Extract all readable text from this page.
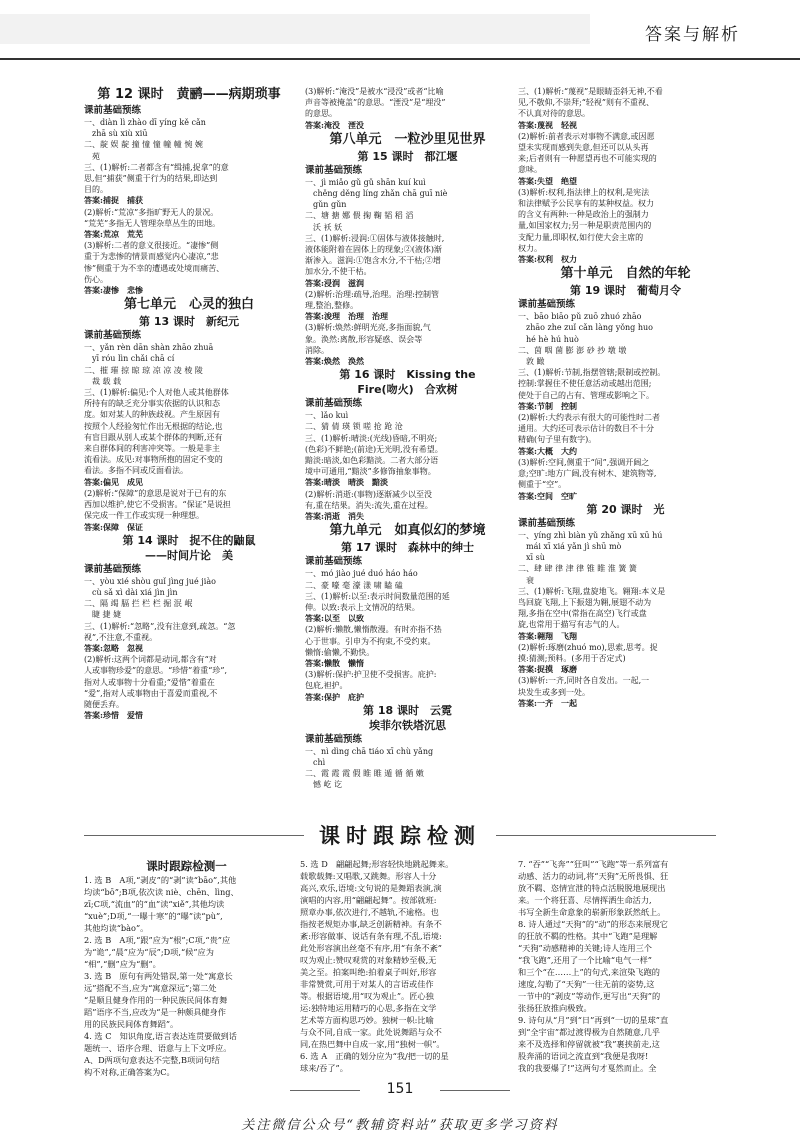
答案与解析
第 12 课时　黄鹂——病期琐事
课前基础预练
一、diàn lì zhào dī yíng kě cǎn
　zhā sù xiù xiū
二、靛 娱 靛 撞 憧 憧 幢 幢 惋 婉
　苑
三、(1)解析:二者都含有“缉捕,捉拿”的意
思,但“捕获”侧重于行为的结果,即达到
目的。
答案:捕捉　捕获
(2)解析:“荒凉”多指旷野无人的景况。
“荒芜”多指无人管理杂草丛生的田地。
答案:荒凉　荒芜
(3)解析:二者的意义很接近。“凄惨”侧
重于为悲惨的情景而感觉内心凄凉,“悲
惨”侧重于为不幸的遭遇或处境而痛苦、
伤心。
答案:凄惨　悲惨
第七单元　心灵的独白
第 13 课时　新纪元
课前基础预练
一、yǎn rèn dān shàn zhāo zhuā
　yī róu lìn chǎi chā cí
二、摧 璀 掠 晾 琼 凉 凉 凌 棱 陵
　裁 载 载
三、(1)解析:偏见:个人对他人或其他群体
所持有的缺乏充分事实依据的认识和态
度。如对某人的种族歧视。产生原因有
按照个人经验匆忙作出无根据的结论,也
有盲目跟从别人或某个群体的判断,还有
来自群体间的利害冲突等。一般是非主
流看法。成见:对事物所抱的固定不变的
看法。多指不同或反面看法。
答案:偏见　成见
(2)解析:“保障”的意思是说对于已有的东
西加以维护,使它不受损害。“保证”是说担
保完成一件工作或实现一种理想。
答案:保障　保证
第 14 课时　捉不住的鼬鼠
——时间片论　美
课前基础预练
一、yòu xié shòu guǐ jìng jué jiào
　cù sǎ xì dài xiá jìn jìn
二、隔 竭 腷 拦 栏 栏 掘 泯 岷
　睫 捷 婕
三、(1)解析:“忽略”,没有注意到,疏忽。“忽
视”,不注意,不重视。
答案:忽略　忽视
(2)解析:这两个词都是动词,都含有“对
人或事物珍爱”的意思。“珍惜”着重“珍”,
指对人或事物十分看重;“爱惜”着重在
“爱”,指对人或事物由于喜爱而重视,不
随便丢弃。
答案:珍惜　爱惜
(3)解析:“淹没”是被水“浸没”或者“比喻
声音等被掩盖”的意思。“湮没”是“埋没”
的意思。
答案:淹没　湮没
第八单元　一粒沙里见世界
第 15 课时　都江堰
课前基础预练
一、jì miǎo gǔ gǔ shān kuí kuì
　chěng děng líng zhǎn chā guī niè
　gǔn gǔn
二、塘 搪 娜 偎 掬 鞠 韬 稻 滔
　沃 袄 妖
三、(1)解析:浸润:①固体与液体接触时,
液体能附着在固体上的现象;②(液体)渐
渐渗入。滋润:①饱含水分,不干枯;②增
加水分,不使干枯。
答案:浸润　滋润
(2)解析:治理:疏导,治理。治理:控制管
理,整治,整修。
答案:浚理　治理　治理
(3)解析:焕然:鲜明光亮,多指面貌,气
象。涣然:离散,形容疑惑、误会等
消除。
答案:焕然　涣然
第 16 课时　Kissing the
Fire(吻火)　合欢树
课前基础预练
一、lǎo kuì
二、猜 倩 瑛 锁 嗟 抢 跄 沧
三、(1)解析:晴淡:(光线)昏暗,不明亮;
(色彩)不鲜艳;(前途)无光明,没有希望。
黯淡:暗淡,如色彩黯淡。二者大部分语
境中可通用,“黯淡”多修饰抽象事物。
答案:晴淡　晴淡　黯淡
(2)解析:消逝:(事物)逐渐减少以至没
有,重在结果。消失:流失,重在过程。
答案:消逝　消失
第九单元　如真似幻的梦境
第 17 课时　森林中的绅士
课前基础预练
一、mó jiào jué duó háo háo
二、豪 嚎 毫 濠 漾 啸 瞌 磕
三、(1)解析:以至:表示时间数量范围的延
伸。以致:表示上文情况的结果。
答案:以至　以致
(2)解析:懒散,懒惰散漫。有时亦指不热
心于世事。引申为不拘束,不受约束。
懒惰:偷懒,不勤快。
答案:懒散　懒惰
(3)解析:保护:护卫使不受损害。庇护:
包庇,袒护。
答案:保护　庇护
第 18 课时　云霓
埃菲尔铁塔沉思
课前基础预练
一、nì dìng chā tiáo xī chù yǎng
　chì
二、霞 霞 霞 假 睢 睢 遁 循 循 嫩
　憾 屹 讫
三、(1)解析:“蔑视”是眼睛歪斜无神,不看
见,不敬仰,不崇拜;“轻视”则有不重视、
不认真对待的意思。
答案:蔑视　轻视
(2)解析:前者表示对事物不满意,或因愿
望未实现而感到失意,但还可以从头再
来;后者则有一种愿望再也不可能实现的
意味。
答案:失望　绝望
(3)解析:权利,指法律上的权利,是宪法
和法律赋予公民享有的某种权益。权力
的含义有两种:一种是政治上的强制力
量,如国家权力;另一种是职责范围内的
支配力量,即职权,如行使大会主席的
权力。
答案:权利　权力
第十单元　自然的年轮
第 19 课时　葡萄月令
课前基础预练
一、bāo biāo pǔ zuō zhuó zhāo
　zhāo zhe zuǐ cǎn làng yǒng huo
　hé hè hú huò
二、茵 咽 菌 膨 澎 砂 抄 墩 墩
　敦 瞰
三、(1)解析:节制,指摆管辖;限制或控制。
控制:掌握住不使任意活动或越出范围;
使处于自己的占有、管理或影响之下。
答案:节制　控制
(2)解析:大约表示有很大的可能性时二者
通用。大约还可表示估计的数目不十分
精确(句子里有数字)。
答案:大概　大约
(3)解析:空间,侧重于“间”,强调开阔之
意;空旷:地方广阔,没有树木、建筑物等,
侧重于“空”。
答案:空间　空旷
第 20 课时　光
课前基础预练
一、yíng zhì biàn yǔ zhǎng xū xū hú
　mái xī xiá yǎn jì shū mò
　xī sù
二、肆 肆 律 津 律 锥 睢 淮 簧 簧
　衰
三、(1)解析:飞翔,盘旋地飞。翱翔:本义是
鸟回旋飞翔,上下振翅为翱,展翅不动为
翔,多指在空中(常指在高空)飞行或盘
旋,也常用于描写有志气的人。
答案:翱翔　飞翔
(2)解析:琢磨(zhuó mo),思索,思考。捉
摸:猜测;预料。(多用于否定式)
答案:捉摸　琢磨
(3)解析:一齐,同时各自发出。一起,一
块发生或多到一处。
答案:一齐　一起
课时跟踪检测
课时跟踪检测一
1. 选 B　A项,“剥皮”的“剥”读“bāo”,其他
均读“bō”;B项,依次读 niè、chēn、lìng、
zī;C项,“流血”的“血”读“xiě”,其他均读
“xuè”;D项,“一曝十寒”的“曝”读“pù”,
其他均读“bào”。
2. 选 B　A项,“跟”应为“根”;C项,“贵”应
为“诡”,“晨”应为“辰”;D项,“候”应为
“相”,“删”应为“删”。
3. 选 B　原句有两处错误,第一处“寓意长
远”搭配不当,应为“寓意深远”;第二处
“是顺且健身作用的一种民族民间体育舞
蹈”语序不当,应改为“是一种颇具健身作
用的民族民间体育舞蹈”。
4. 选 C　知识角度,语言表达连贯要做到话
题统一、语序合理、语意与上下文呼应。
A、D两项句意表达不完整,B项词句结
构不对称,正确答案为C。
5. 选 D　翩翩起舞;形容轻快地跳起舞来。
载歌载舞:又唱歌,又跳舞。形容人十分
高兴,欢乐,语境:文句说的是舞蹈表演,演
演唱的内容,用“翩翩起舞”。按部就班:
照章办事,依次进行,不越轨,不逾格。也
指按老规矩办事,缺乏创新精神。有条不
紊:形容做事、说话有条有理,不乱,语境:
此处形容演出丝毫不有序,用“有条不紊”
叹为观止:赞叹观赏的对象精妙至极,无
美之至。拍案叫绝:拍着桌子叫好,形容
非常赞赏,可用于对某人的言语或佳作
等。根据语境,用“叹为观止”。匠心独
运:独特地运用精巧的心思,多指在文学
艺术等方面构思巧妙。独树一帜:比喻
与众不同,自成一家。此处说舞蹈与众不
同,在热巴舞中自成一家,用“独树一帜”。
6. 选 A　正确的划分应为“我/把一切的星
球来/吞了”。
7. “吞”“飞奔”“狂叫”“飞跑”等一系列富有
动感、活力的动词,将“天狗”无所畏惧、狂
放不羁、恣情宣泄的特点活脱脱地展现出
来。一个将狂喜、尽情挥洒生命活力,
书写全新生命意象的崭新形象跃然纸上。
8. 诗人通过“天狗”的“动”的形态来展现它
的狂放不羁的性格。其中“飞跑”是理解
“天狗”动感精神的关键;诗人连用三个
“我飞跑”,还用了一个比喻“电气一样”
和三个“在……上”的句式,来渲染飞跑的
速度,勾勒了“天狗”一往无前的姿势,这
一节中的“剥皮”等动作,更写出“天狗”的
张扬狂放推向极致。
9. 诗句从“月”到“日”再到“一切的星球”直
到“全宇宙”都过渡得极为自然随意,几乎
来不及选择和停留就被“我”裹挟前走,这
股奔涌的语词之流直到“我便是我呀!
我的我要爆了!”这两句才戛然而止。全
151
关注微信公众号“教辅资料站”获取更多学习资料
